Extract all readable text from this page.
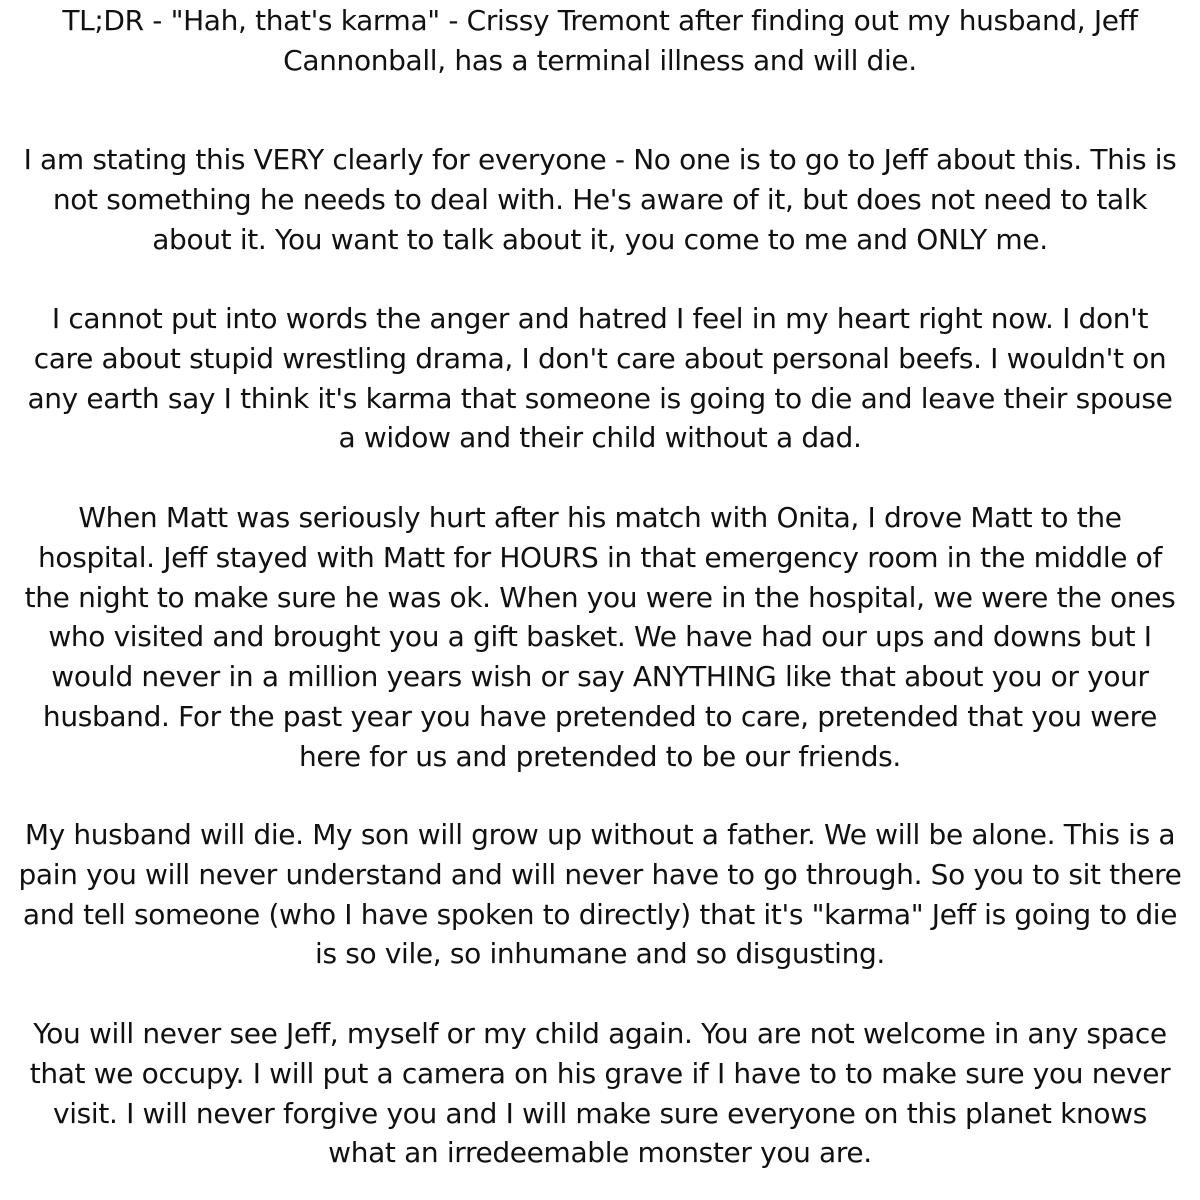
TL;DR - "Hah, that's karma" - Crissy Tremont after finding out my husband, Jeff Cannonball, has a terminal illness and will die.

I am stating this VERY clearly for everyone - No one is to go to Jeff about this. This is not something he needs to deal with. He's aware of it, but does not need to talk about it. You want to talk about it, you come to me and ONLY me.

I cannot put into words the anger and hatred I feel in my heart right now. I don't care about stupid wrestling drama, I don't care about personal beefs. I wouldn't on any earth say I think it's karma that someone is going to die and leave their spouse a widow and their child without a dad.

When Matt was seriously hurt after his match with Onita, I drove Matt to the hospital. Jeff stayed with Matt for HOURS in that emergency room in the middle of the night to make sure he was ok. When you were in the hospital, we were the ones who visited and brought you a gift basket. We have had our ups and downs but I would never in a million years wish or say ANYTHING like that about you or your husband. For the past year you have pretended to care, pretended that you were here for us and pretended to be our friends.

My husband will die. My son will grow up without a father. We will be alone. This is a pain you will never understand and will never have to go through. So you to sit there and tell someone (who I have spoken to directly) that it's "karma" Jeff is going to die is so vile, so inhumane and so disgusting.

You will never see Jeff, myself or my child again. You are not welcome in any space that we occupy. I will put a camera on his grave if I have to to make sure you never visit. I will never forgive you and I will make sure everyone on this planet knows what an irredeemable monster you are.
